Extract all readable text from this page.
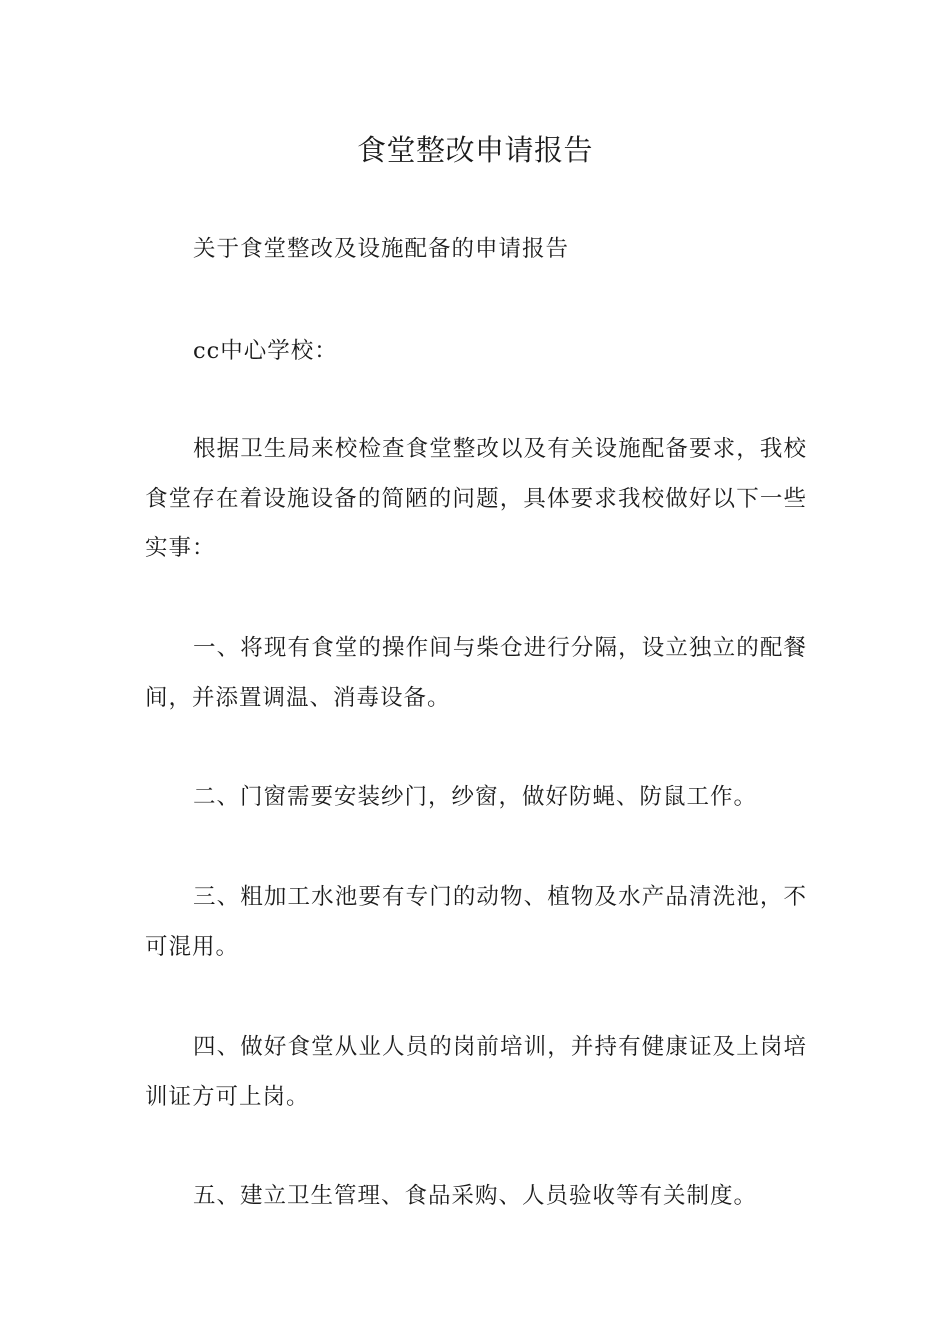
食堂整改申请报告

关于食堂整改及设施配备的申请报告

cc中心学校：

根据卫生局来校检查食堂整改以及有关设施配备要求，我校食堂存在着设施设备的简陋的问题，具体要求我校做好以下一些实事：

一、将现有食堂的操作间与柴仓进行分隔，设立独立的配餐间，并添置调温、消毒设备。

二、门窗需要安装纱门，纱窗，做好防蝇、防鼠工作。

三、粗加工水池要有专门的动物、植物及水产品清洗池，不可混用。

四、做好食堂从业人员的岗前培训，并持有健康证及上岗培训证方可上岗。

五、建立卫生管理、食品采购、人员验收等有关制度。
